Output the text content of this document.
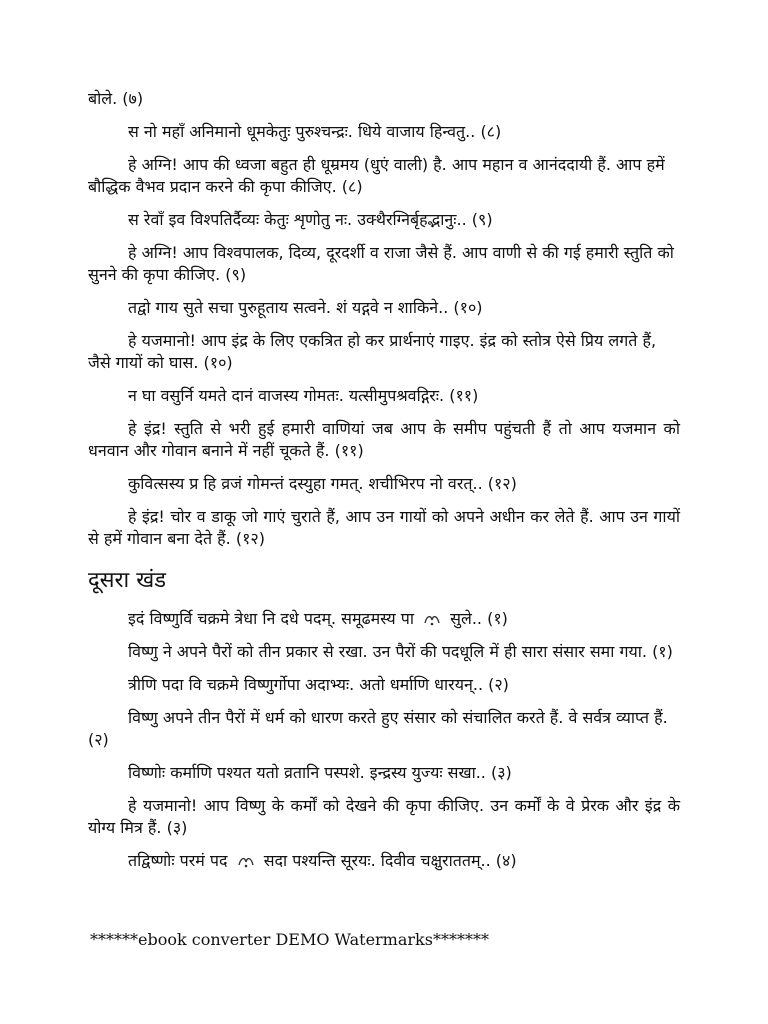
बोले. (७)

स नो महाँ अनिमानो धूमकेतुः पुरुश्चन्द्रः. धिये वाजाय हिन्वतु.. (८)

हे अग्नि! आप की ध्वजा बहुत ही धूम्रमय (धुएं वाली) है. आप महान व आनंददायी हैं. आप हमें बौद्धिक वैभव प्रदान करने की कृपा कीजिए. (८)

स रेवाँ इव विश्पतिर्दैव्यः केतुः शृणोतु नः. उक्थैरग्निर्बृहद्भानुः.. (९)

हे अग्नि! आप विश्वपालक, दिव्य, दूरदर्शी व राजा जैसे हैं. आप वाणी से की गई हमारी स्तुति को सुनने की कृपा कीजिए. (९)

तद्वो गाय सुते सचा पुरुहूताय सत्वने. शं यद्गवे न शाकिने.. (१०)

हे यजमानो! आप इंद्र के लिए एकत्रित हो कर प्रार्थनाएं गाइए. इंद्र को स्तोत्र ऐसे प्रिय लगते हैं, जैसे गायों को घास. (१०)

न घा वसुर्नि यमते दानं वाजस्य गोमतः. यत्सीमुपश्रवद्गिरः. (११)

हे इंद्र! स्तुति से भरी हुई हमारी वाणियां जब आप के समीप पहुंचती हैं तो आप यजमान को धनवान और गोवान बनाने में नहीं चूकते हैं. (११)

कुवित्सस्य प्र हि व्रजं गोमन्तं दस्युहा गमत्. शचीभिरप नो वरत्.. (१२)

हे इंद्र! चोर व डाकू जो गाएं चुराते हैं, आप उन गायों को अपने अधीन कर लेते हैं. आप उन गायों से हमें गोवान बना देते हैं. (१२)

दूसरा खंड

इदं विष्णुर्वि चक्रमे त्रेधा नि दधे पदम्. समूढमस्य पा सुले.. (१)

विष्णु ने अपने पैरों को तीन प्रकार से रखा. उन पैरों की पदधूलि में ही सारा संसार समा गया. (१)

त्रीणि पदा वि चक्रमे विष्णुर्गोपा अदाभ्यः. अतो धर्माणि धारयन्.. (२)

विष्णु अपने तीन पैरों में धर्म को धारण करते हुए संसार को संचालित करते हैं. वे सर्वत्र व्याप्त हैं. (२)

विष्णोः कर्माणि पश्यत यतो व्रतानि पस्पशे. इन्द्रस्य युज्यः सखा.. (३)

हे यजमानो! आप विष्णु के कर्मों को देखने की कृपा कीजिए. उन कर्मों के वे प्रेरक और इंद्र के योग्य मित्र हैं. (३)

तद्विष्णोः परमं पद सदा पश्यन्ति सूरयः. दिवीव चक्षुराततम्.. (४)

******ebook converter DEMO Watermarks*******
